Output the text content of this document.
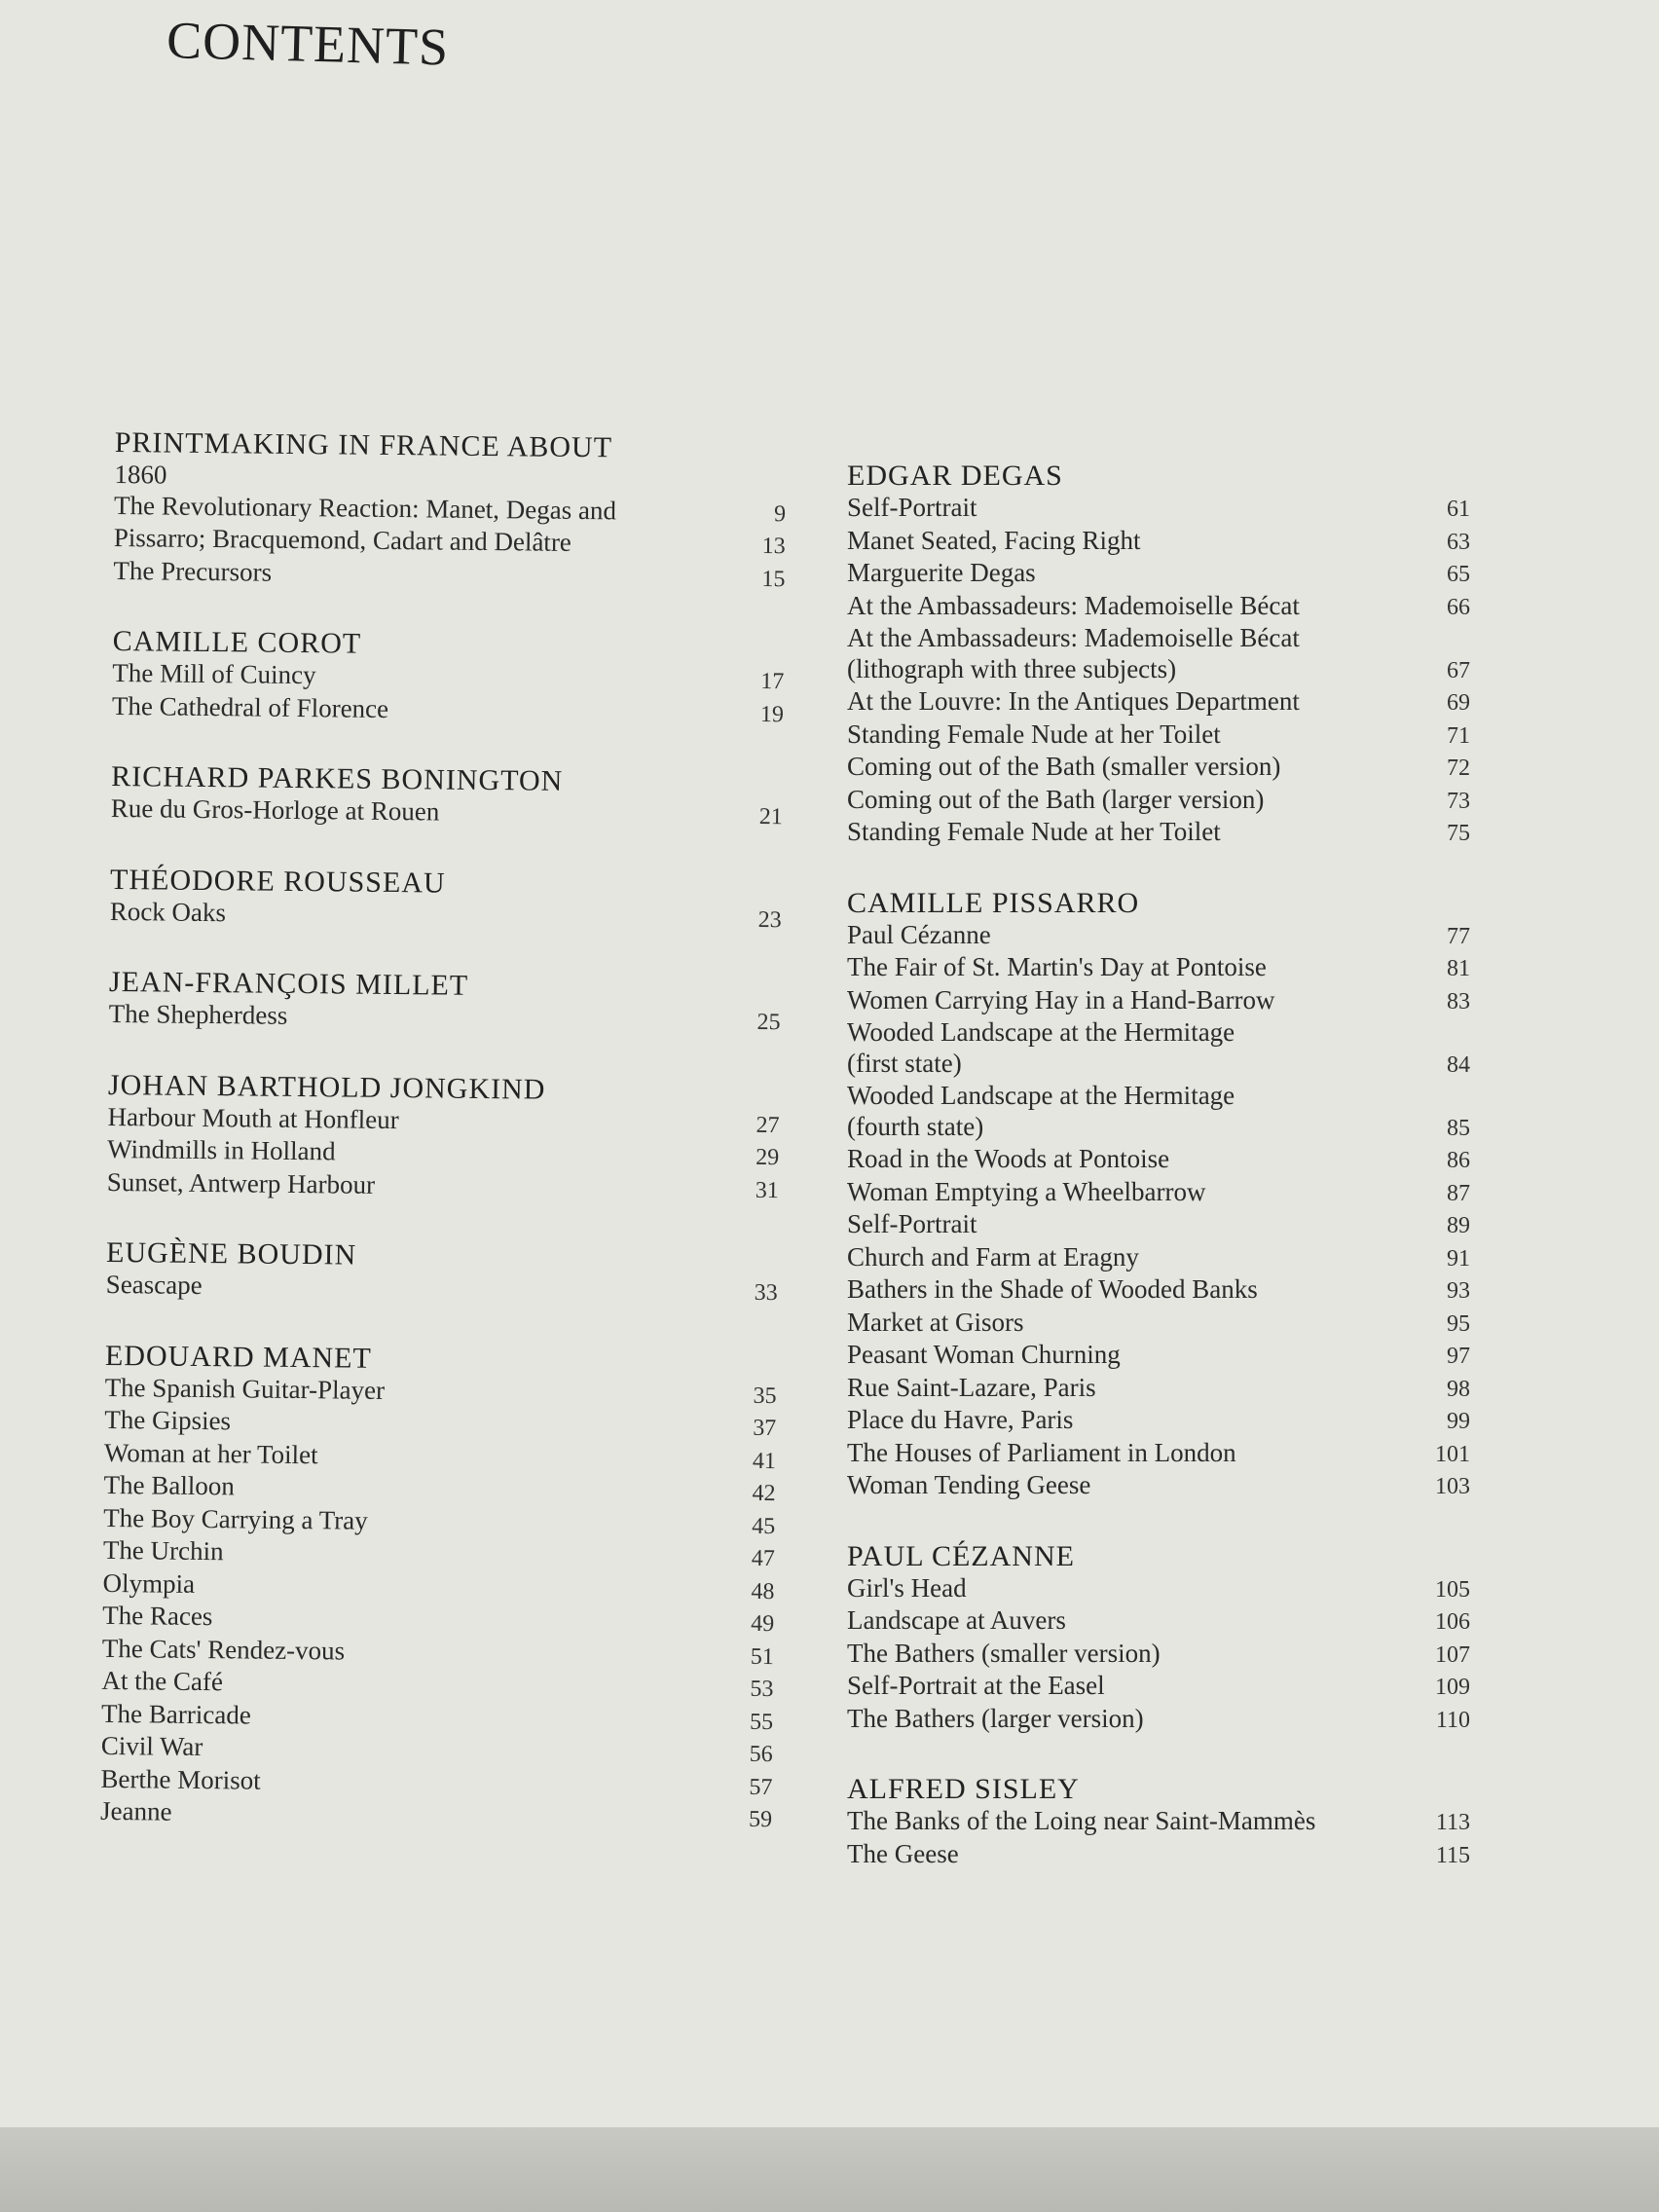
CONTENTS
PRINTMAKING IN FRANCE ABOUT
1860
The Revolutionary Reaction: Manet, Degas and	9
Pissarro; Bracquemond, Cadart and Delâtre	13
The Precursors	15
CAMILLE COROT
The Mill of Cuincy	17
The Cathedral of Florence	19
RICHARD PARKES BONINGTON
Rue du Gros-Horloge at Rouen	21
THÉODORE ROUSSEAU
Rock Oaks	23
JEAN-FRANÇOIS MILLET
The Shepherdess	25
JOHAN BARTHOLD JONGKIND
Harbour Mouth at Honfleur	27
Windmills in Holland	29
Sunset, Antwerp Harbour	31
EUGÈNE BOUDIN
Seascape	33
EDOUARD MANET
The Spanish Guitar-Player	35
The Gipsies	37
Woman at her Toilet	41
The Balloon	42
The Boy Carrying a Tray	45
The Urchin	47
Olympia	48
The Races	49
The Cats' Rendez-vous	51
At the Café	53
The Barricade	55
Civil War	56
Berthe Morisot	57
Jeanne	59
EDGAR DEGAS
Self-Portrait	61
Manet Seated, Facing Right	63
Marguerite Degas	65
At the Ambassadeurs: Mademoiselle Bécat	66
At the Ambassadeurs: Mademoiselle Bécat
(lithograph with three subjects)	67
At the Louvre: In the Antiques Department	69
Standing Female Nude at her Toilet	71
Coming out of the Bath (smaller version)	72
Coming out of the Bath (larger version)	73
Standing Female Nude at her Toilet	75
CAMILLE PISSARRO
Paul Cézanne	77
The Fair of St. Martin's Day at Pontoise	81
Women Carrying Hay in a Hand-Barrow	83
Wooded Landscape at the Hermitage
(first state)	84
Wooded Landscape at the Hermitage
(fourth state)	85
Road in the Woods at Pontoise	86
Woman Emptying a Wheelbarrow	87
Self-Portrait	89
Church and Farm at Eragny	91
Bathers in the Shade of Wooded Banks	93
Market at Gisors	95
Peasant Woman Churning	97
Rue Saint-Lazare, Paris	98
Place du Havre, Paris	99
The Houses of Parliament in London	101
Woman Tending Geese	103
PAUL CÉZANNE
Girl's Head	105
Landscape at Auvers	106
The Bathers (smaller version)	107
Self-Portrait at the Easel	109
The Bathers (larger version)	110
ALFRED SISLEY
The Banks of the Loing near Saint-Mammès	113
The Geese	115
